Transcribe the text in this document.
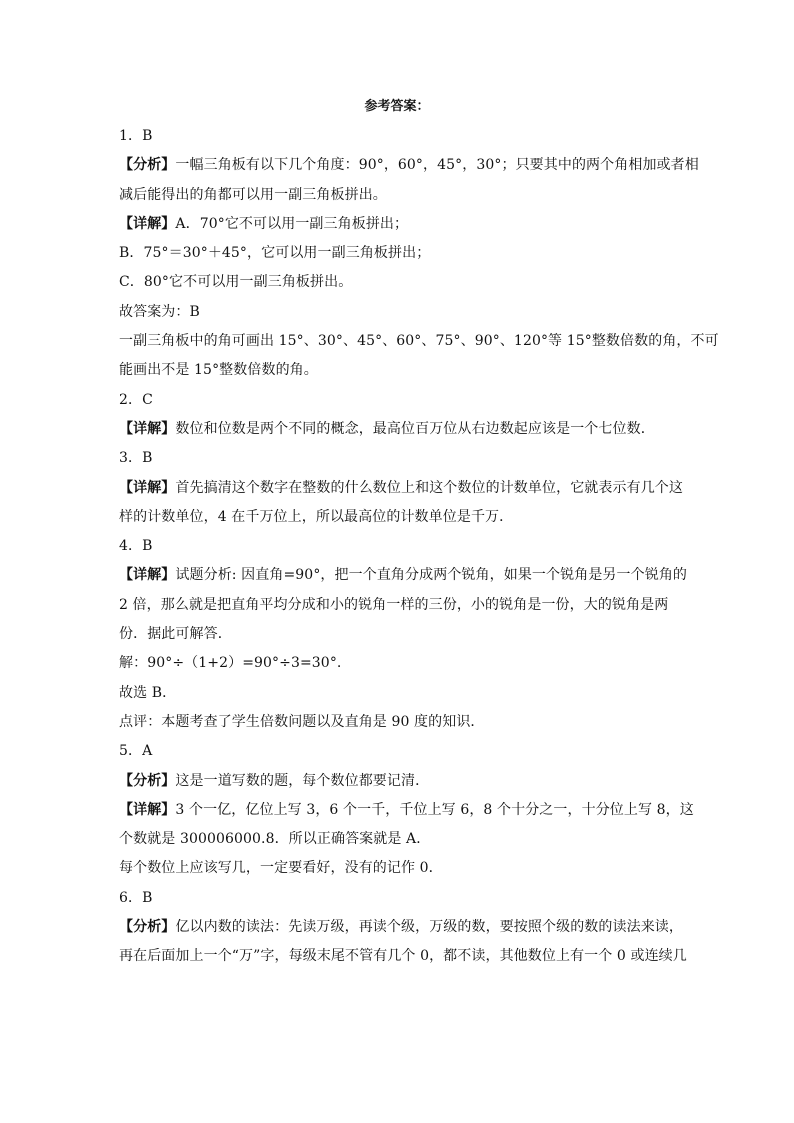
参考答案：
1．B
【分析】一幅三角板有以下几个角度：90°，60°，45°，30°；只要其中的两个角相加或者相
减后能得出的角都可以用一副三角板拼出。
【详解】A．70°它不可以用一副三角板拼出；
B．75°＝30°＋45°，它可以用一副三角板拼出；
C．80°它不可以用一副三角板拼出。
故答案为：B
一副三角板中的角可画出 15°、30°、45°、60°、75°、90°、120°等 15°整数倍数的角，不可
能画出不是 15°整数倍数的角。
2．C
【详解】数位和位数是两个不同的概念，最高位百万位从右边数起应该是一个七位数．
3．B
【详解】首先搞清这个数字在整数的什么数位上和这个数位的计数单位，它就表示有几个这
样的计数单位，4 在千万位上，所以最高位的计数单位是千万．
4．B
【详解】试题分析: 因直角=90°，把一个直角分成两个锐角，如果一个锐角是另一个锐角的
2 倍，那么就是把直角平均分成和小的锐角一样的三份，小的锐角是一份，大的锐角是两
份．据此可解答．
解：90°÷（1+2）=90°÷3=30°.
故选 B．
点评：本题考查了学生倍数问题以及直角是 90 度的知识．
5．A
【分析】这是一道写数的题，每个数位都要记清．
【详解】3 个一亿，亿位上写 3，6 个一千，千位上写 6，8 个十分之一，十分位上写 8，这
个数就是 300006000.8．所以正确答案就是 A．
每个数位上应该写几，一定要看好，没有的记作 0．
6．B
【分析】亿以内数的读法：先读万级，再读个级，万级的数，要按照个级的数的读法来读，
再在后面加上一个“万”字，每级末尾不管有几个 0，都不读，其他数位上有一个 0 或连续几
